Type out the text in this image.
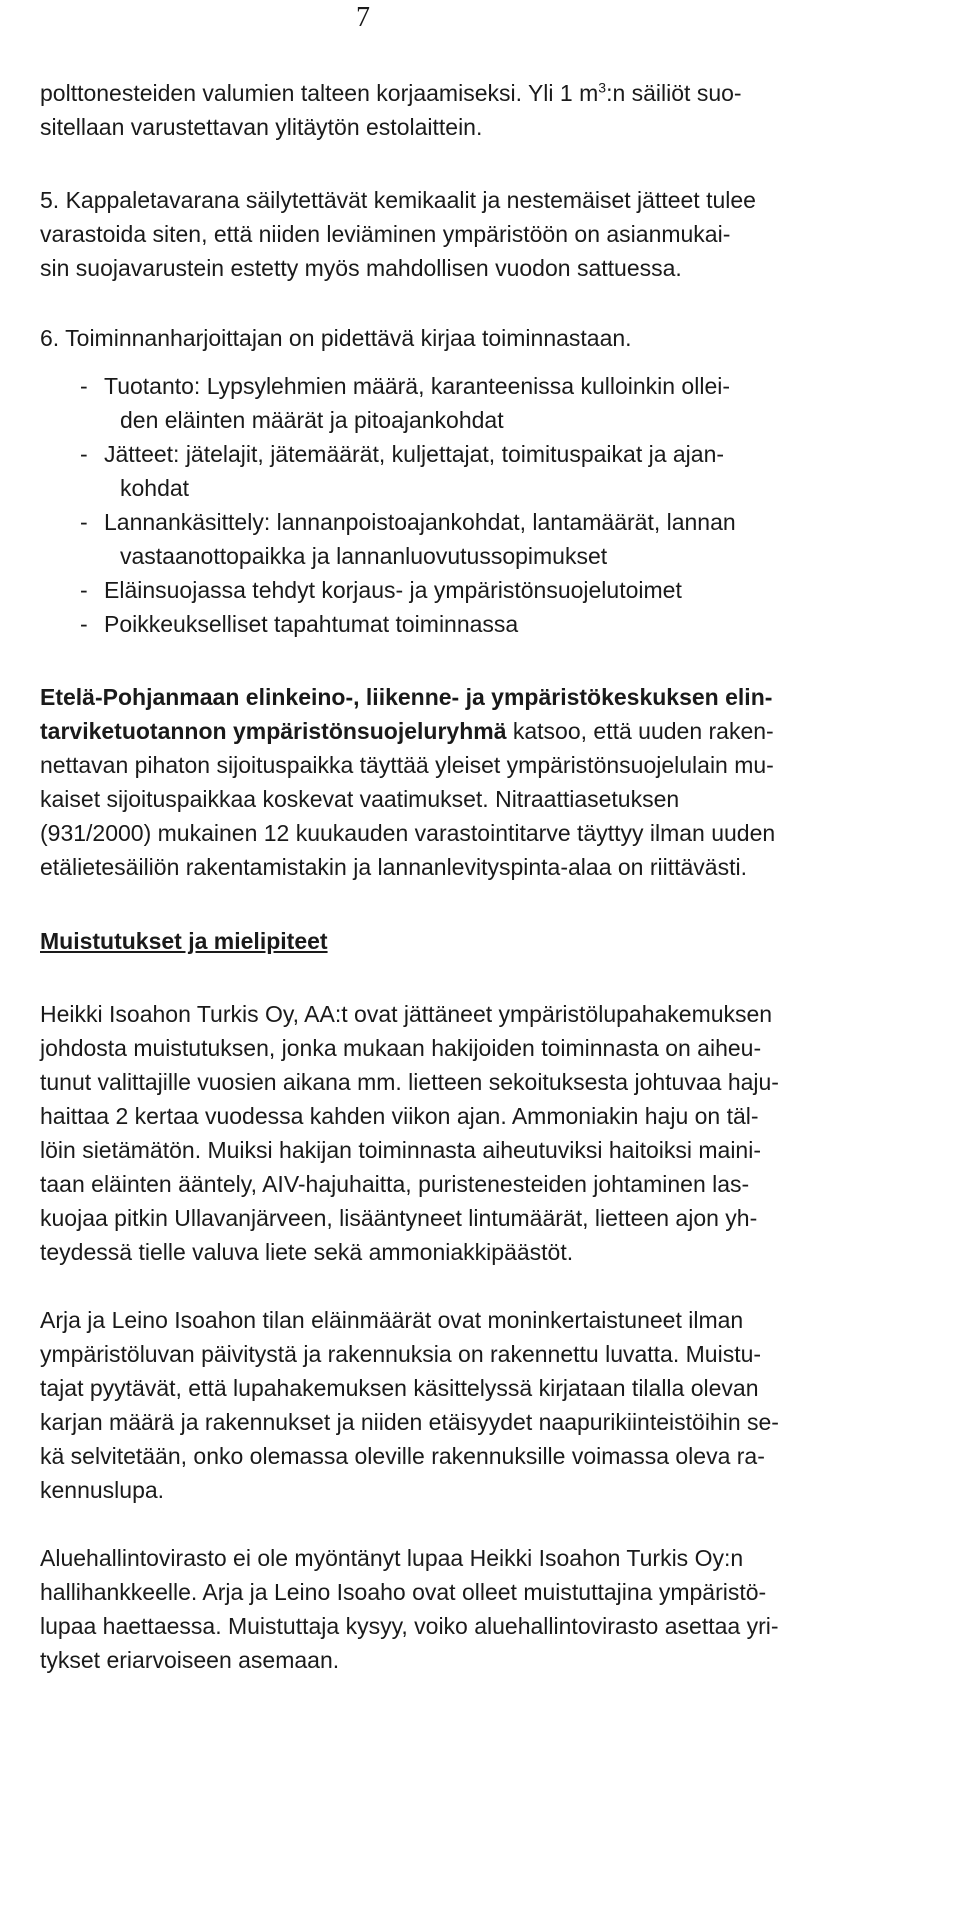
7

polttonesteiden valumien talteen korjaamiseksi. Yli 1 $m^3:n$ säiliöt suo-
sitellaan varustettavan ylitäytön estolaittein.

5. Kappaletavarana säilytettävät kemikaalit ja nestemäiset jätteet tulee
varastoida siten, että niiden leviäminen ympäristöön on asianmukai-
sin suojavarustein estetty myös mahdollisen vuodon sattuessa.

6. Toiminnanharjoittajan on pidettävä kirjaa toiminnastaan.

- Tuotanto: Lypsylehmien määrä, karanteenissa kulloinkin ollei-
den eläinten määrät ja pitoajankohdat
- Jätteet: jätelajit, jätemäärät, kuljettajat, toimituspaikat ja ajan-
kohdat
- Lannankäsittely: lannanpoistoajankohdat, lantamäärät, lannan
vastaanottopaikka ja lannanluovutussopimukset
- Eläinsuojassa tehdyt korjaus- ja ympäristönsuojelutoimet
- Poikkeukselliset tapahtumat toiminnassa

Etelä-Pohjanmaan elinkeino-, liikenne- ja ympäristökeskuksen elin-
tarviketuotannon ympäristönsuojeluryhmä katsoo, että uuden raken-
nettavan pihaton sijoituspaikka täyttää yleiset ympäristönsuojelulain mu-
kaiset sijoituspaikkaa koskevat vaatimukset. Nitraattiasetuksen
(931/2000) mukainen 12 kuukauden varastointitarve täyttyy ilman uuden
etälietesäiliön rakentamistakin ja lannanlevityspinta-alaa on riittävästi.

Muistutukset ja mielipiteet

Heikki Isoahon Turkis Oy, AA:t ovat jättäneet ympäristölupahakemuksen
johdosta muistutuksen, jonka mukaan hakijoiden toiminnasta on aiheu-
tunut valittajille vuosien aikana mm. lietteen sekoituksesta johtuvaa haju-
haittaa 2 kertaa vuodessa kahden viikon ajan. Ammoniakin haju on täl-
löin sietämätön. Muiksi hakijan toiminnasta aiheutuviksi haitoiksi maini-
taan eläinten ääntely, AIV-hajuhaitta, puristenesteiden johtaminen las-
kuojaa pitkin Ullavanjärveen, lisääntyneet lintumäärät, lietteen ajon yh-
teydessä tielle valuva liete sekä ammoniakkipäästöt.

Arja ja Leino Isoahon tilan eläinmäärät ovat moninkertaistuneet ilman
ympäristöluvan päivitystä ja rakennuksia on rakennettu luvatta. Muistu-
tajat pyytävät, että lupahakemuksen käsittelyssä kirjataan tilalla olevan
karjan määrä ja rakennukset ja niiden etäisyydet naapurikiinteistöihin se-
kä selvitetään, onko olemassa oleville rakennuksille voimassa oleva ra-
kennuslupa.

Aluehallintovirasto ei ole myöntänyt lupaa Heikki Isoahon Turkis Oy:n
hallihankkeelle. Arja ja Leino Isoaho ovat olleet muistuttajina ympäristö-
lupaa haettaessa. Muistuttaja kysyy, voiko aluehallintovirasto asettaa yri-
tykset eriarvoiseen asemaan.
